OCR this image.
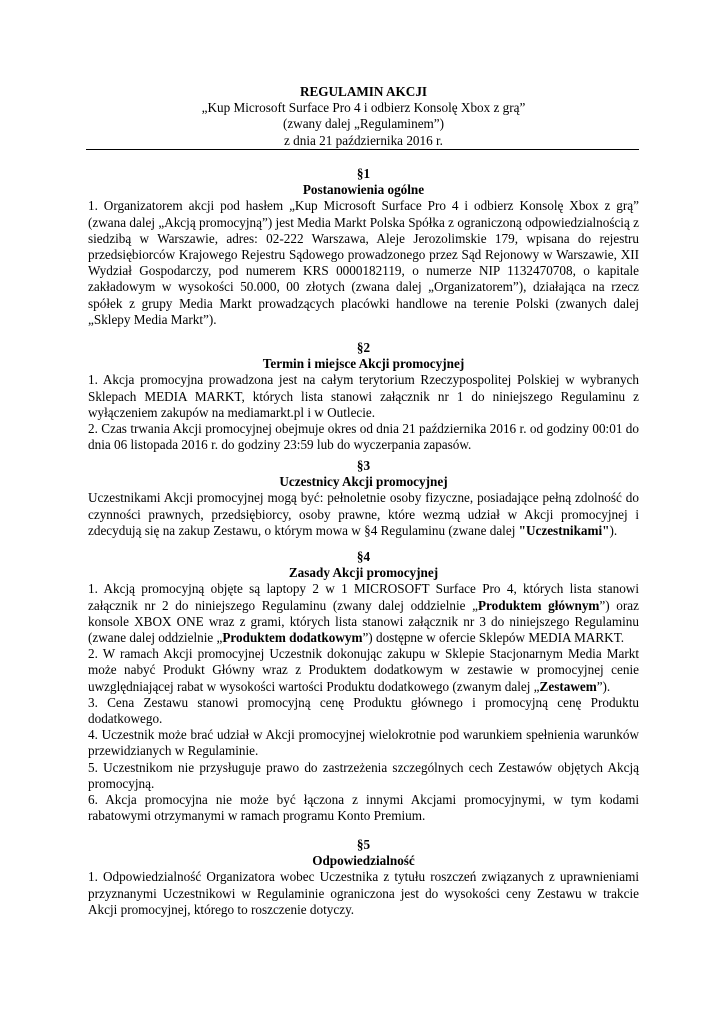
REGULAMIN AKCJI
„Kup Microsoft Surface Pro 4 i odbierz Konsolę Xbox z grą”
(zwany dalej „Regulaminem”)
z dnia 21 października 2016 r.
§1
Postanowienia ogólne

1. Organizatorem akcji pod hasłem „Kup Microsoft Surface Pro 4 i odbierz Konsolę Xbox z grą” (zwana dalej „Akcją promocyjną”) jest Media Markt Polska Spółka z ograniczoną odpowiedzialnością z siedzibą w Warszawie, adres: 02-222 Warszawa, Aleje Jerozolimskie 179, wpisana do rejestru przedsiębiorców Krajowego Rejestru Sądowego prowadzonego przez Sąd Rejonowy w Warszawie, XII Wydział Gospodarczy, pod numerem KRS 0000182119, o numerze NIP 1132470708, o kapitale zakładowym w wysokości 50.000, 00 złotych (zwana dalej „Organizatorem”), działająca na rzecz spółek z grupy Media Markt prowadzących placówki handlowe na terenie Polski (zwanych dalej „Sklepy Media Markt”).

§2
Termin i miejsce Akcji promocyjnej

1. Akcja promocyjna prowadzona jest na całym terytorium Rzeczypospolitej Polskiej w wybranych Sklepach MEDIA MARKT, których lista stanowi załącznik nr 1 do niniejszego Regulaminu z wyłączeniem zakupów na mediamarkt.pl i w Outlecie.

2. Czas trwania Akcji promocyjnej obejmuje okres od dnia 21 października 2016 r. od godziny 00:01 do dnia 06 listopada 2016 r. do godziny 23:59 lub do wyczerpania zapasów.

§3
Uczestnicy Akcji promocyjnej

Uczestnikami Akcji promocyjnej mogą być: pełnoletnie osoby fizyczne, posiadające pełną zdolność do czynności prawnych, przedsiębiorcy, osoby prawne, które wezmą udział w Akcji promocyjnej i zdecydują się na zakup Zestawu, o którym mowa w §4 Regulaminu (zwane dalej "Uczestnikami").

§4
Zasady Akcji promocyjnej

1. Akcją promocyjną objęte są laptopy 2 w 1 MICROSOFT Surface Pro 4, których lista stanowi załącznik nr 2 do niniejszego Regulaminu (zwany dalej oddzielnie „Produktem głównym”) oraz konsole XBOX ONE wraz z grami, których lista stanowi załącznik nr 3 do niniejszego Regulaminu (zwane dalej oddzielnie „Produktem dodatkowym”) dostępne w ofercie Sklepów MEDIA MARKT.

2. W ramach Akcji promocyjnej Uczestnik dokonując zakupu w Sklepie Stacjonarnym Media Markt może nabyć Produkt Główny wraz z Produktem dodatkowym w zestawie w promocyjnej cenie uwzględniającej rabat w wysokości wartości Produktu dodatkowego (zwanym dalej „Zestawem”).

3. Cena Zestawu stanowi promocyjną cenę Produktu głównego i promocyjną cenę Produktu dodatkowego.

4. Uczestnik może brać udział w Akcji promocyjnej wielokrotnie pod warunkiem spełnienia warunków przewidzianych w Regulaminie.

5. Uczestnikom nie przysługuje prawo do zastrzeżenia szczególnych cech Zestawów objętych Akcją promocyjną.

6. Akcja promocyjna nie może być łączona z innymi Akcjami promocyjnymi, w tym kodami rabatowymi otrzymanymi w ramach programu Konto Premium.

§5
Odpowiedzialność

1. Odpowiedzialność Organizatora wobec Uczestnika z tytułu roszczeń związanych z uprawnieniami przyznanymi Uczestnikowi w Regulaminie ograniczona jest do wysokości ceny Zestawu w trakcie Akcji promocyjnej, którego to roszczenie dotyczy.
